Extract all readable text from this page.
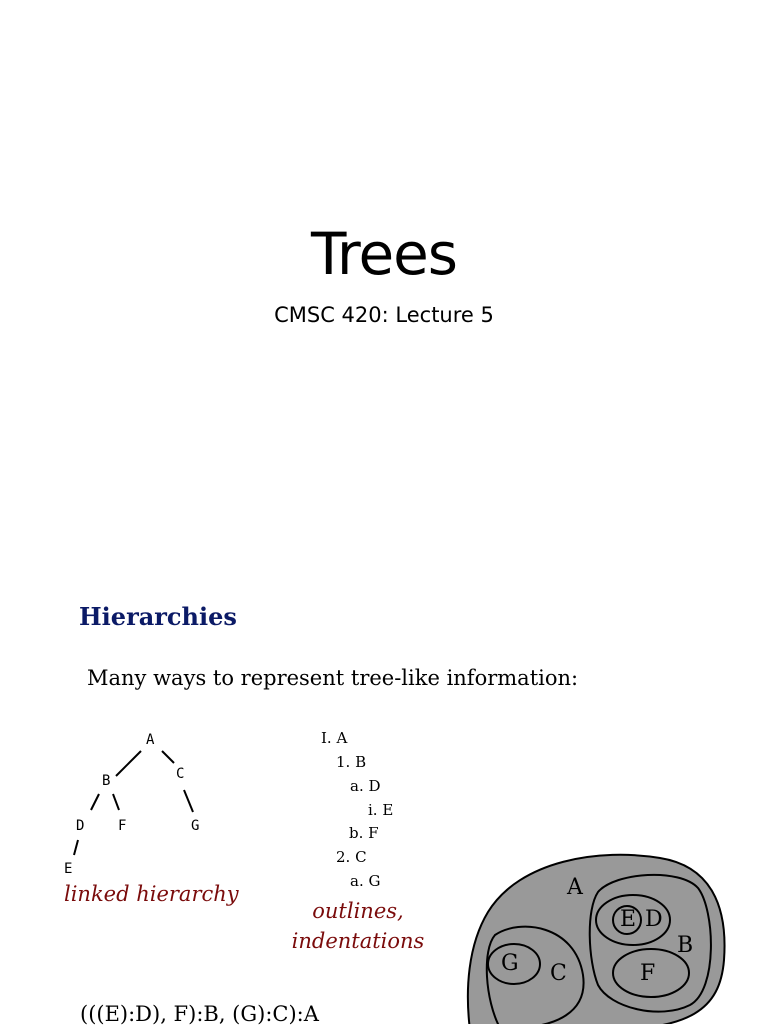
Trees
CMSC 420: Lecture 5
Hierarchies
Many ways to represent tree-like information:
A
B	C
D F	G
E
linked hierarchy
I. A
1. B
a. D
i. E
b. F
2. C
a. G
outlines,
indentations
A
E D
B
G C	F
(((E):D), F):B, (G):C):A
